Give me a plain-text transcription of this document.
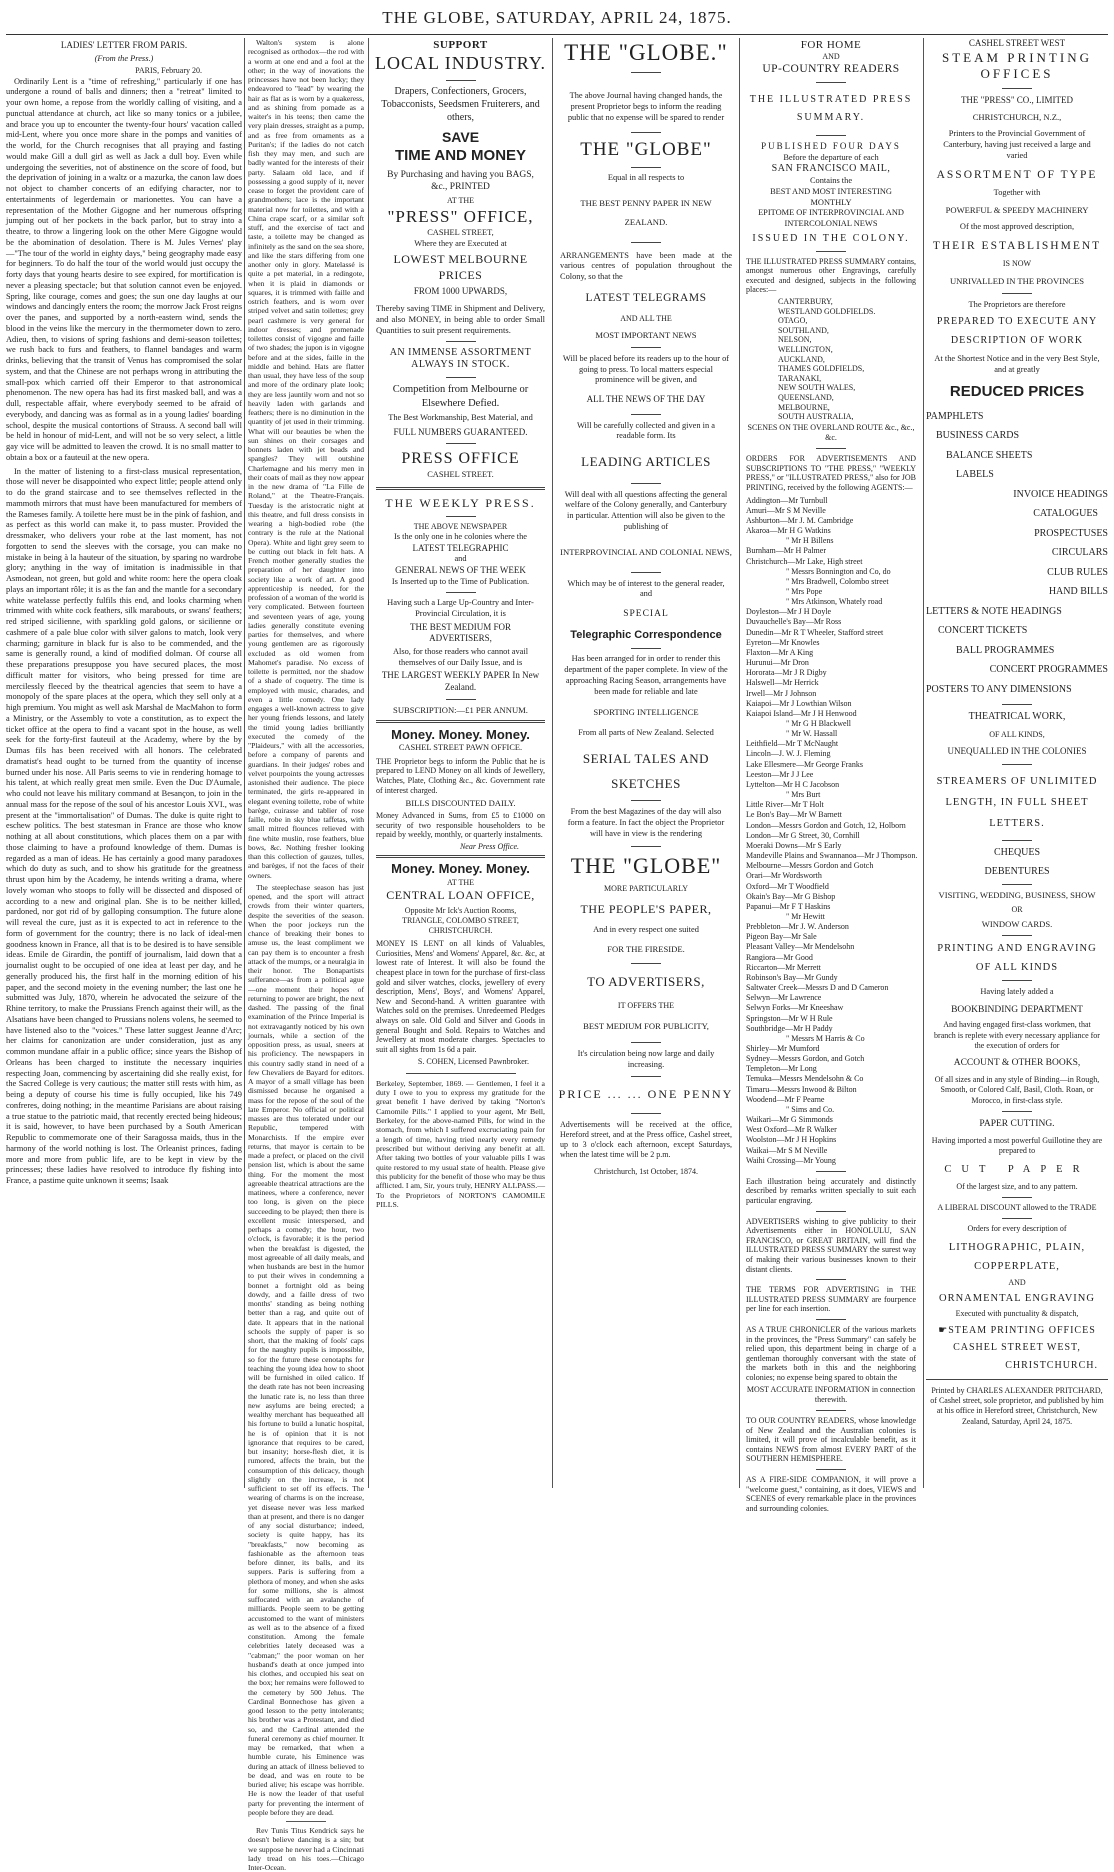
THE GLOBE, SATURDAY, APRIL 24, 1875.
LADIES' LETTER FROM PARIS.
(From the Press.)
PARIS, February 20.

Ordinarily Lent is a "time of refreshing," particularly if one has undergone a round of balls and dinners; then a "retreat" limited to your own home, a repose from the worldly calling of visiting, and a punctual attendance at church, act like so many tonics or a jubilee, and brace you up to encounter the twenty-four hours' vacation called mid-Lent, where you once more share in the pomps and vanities of the world, for the Church recognises that all praying and fasting would make Gill a dull girl as well as Jack a dull boy. Even while undergoing the severities, not of abstinence on the score of food, but the deprivation of joining in a waltz or a mazurka, the canon law does not object to chamber concerts of an edifying character, nor to entertainments of legerdemain or marionettes. You can have a representation of the Mother Gigogne and her numerous offspring jumping out of her pockets in the back parlor, but to stray into a theatre, to throw a lingering look on the other Mere Gigogne would be the abomination of desolation. There is M. Jules Vernes' play—"The tour of the world in eighty days," being geography made easy for beginners. To do half the tour of the world would just occupy the forty days that young hearts desire to see expired, for mortification is never a pleasing spectacle; but that solution cannot even be enjoyed. Spring, like courage, comes and goes; the sun one day laughs at our windows and dancingly enters the room; the morrow Jack Frost reigns over the panes, and supported by a north-eastern wind, sends the blood in the veins like the mercury in the thermometer down to zero. Adieu, then, to visions of spring fashions and demi-season toilettes; we rush back to furs and feathers, to flannel bandages and warm drinks, believing that the transit of Venus has compromised the solar system, and that the Chinese are not perhaps wrong in attributing the small-pox which carried off their Emperor to that astronomical phenomenon. The new opera has had its first masked ball, and was a dull, respectable affair, where everybody seemed to be afraid of everybody, and dancing was as formal as in a young ladies' boarding school, despite the musical contortions of Strauss. A second ball will be held in honour of mid-Lent, and will not be so very select, a little gay vice will be admitted to leaven the crowd. It is no small matter to obtain a box or a fauteuil at the new opera.

In the matter of listening to a first-class musical representation, those will never be disappointed who expect little; people attend only to do the grand staircase and to see themselves reflected in the mammoth mirrors that must have been manufactured for members of the Rameses family. A toilette here must be in the pink of fashion, and as perfect as this world can make it, to pass muster. Provided the dressmaker, who delivers your robe at the last moment, has not forgotten to send the sleeves with the corsage, you can make no mistake in being à la hauteur of the situation, by sparing no wardrobe glory; anything in the way of imitation is inadmissible in that Asmodean, not green, but gold and white room: here the opera cloak plays an important rôle; it is as the fan and the mantle for a secondary white watelasse perfectly fulfils this end, and looks charming when trimmed with white cock feathers, silk marabouts, or swans' feathers; red striped sicilienne, with sparkling gold galons, or sicilienne or cashmere of a pale blue color with silver galons to match, look very charming; garniture in black fur is also to be commended, and the same is generally round, a kind of modified dolman. Of course all these preparations presuppose you have secured places, the most difficult matter for visitors, who being pressed for time are mercilessly fleeced by the theatrical agencies that seem to have a monopoly of the spare places at the opera, which they sell only at a high premium. You might as well ask Marshal de MacMahon to form a Ministry, or the Assembly to vote a constitution, as to expect the ticket office at the opera to find a vacant spot in the house, as well seek for the forty-first fauteuil at the Academy, where by the by Dumas fils has been received with all honors. The celebrated dramatist's head ought to be turned from the quantity of incense burned under his nose. All Paris seems to vie in rendering homage to his talent, at which really great men smile. Even the Duc D'Aumale, who could not leave his military command at Besançon, to join in the annual mass for the repose of the soul of his ancestor Louis XVI., was present at the "immortalisation" of Dumas. The duke is quite right to eschew politics. The best statesman in France are those who know nothing at all about constitutions, which places them on a par with those claiming to have a profound knowledge of them. Dumas is regarded as a man of ideas. He has certainly a good many paradoxes which do duty as such, and to show his gratitude for the greatness thrust upon him by the Academy, he intends writing a drama, where lovely woman who stoops to folly will be dissected and disposed of according to a new and original plan. She is to be neither killed, pardoned, nor got rid of by galloping consumption. The future alone will reveal the cure, just as it is expected to act in reference to the form of government for the country; there is no lack of ideal-men goodness known in France, all that is to be desired is to have sensible ideas. Emile de Girardin, the pontiff of journalism, laid down that a journalist ought to be occupied of one idea at least per day, and he generally produced his, the first half in the morning edition of his paper, and the second moiety in the evening number; the last one he submitted was July, 1870, wherein he advocated the seizure of the Rhine territory, to make the Prussians French against their will, as the Alsatians have been changed to Prussians nolens volens, he seemed to have listened also to the "voices." These latter suggest Jeanne d'Arc; her claims for canonization are under consideration, just as any common mundane affair in a public office; since years the Bishop of Orleans has been charged to institute the necessary inquiries respecting Joan, commencing by ascertaining did she really exist, for the Sacred College is very cautious; the matter still rests with him, as being a deputy of course his time is fully occupied, like his 749 confreres, doing nothing; in the meantime Parisians are about raising a true statue to the patriotic maid, that recently erected being hideous; it is said, however, to have been purchased by a South American Republic to commemorate one of their Saragossa maids, thus in the harmony of the world nothing is lost. The Orleanist princes, fading more and more from public life, are to be kept in view by the princesses; these ladies have resolved to introduce fly fishing into France, a pastime quite unknown it seems; Isaak

Walton's system is alone recognised as orthodox—the rod with a worm at one end and a fool at the other; in the way of inovations the princesses have not been lucky; they endeavored to "lead" by wearing the hair as flat as is worn by a quakeress, and as shining from pomade as a waiter's in his teens; then came the very plain dresses, straight as a pump, and as free from ornaments as a Puritan's; if the ladies do not catch fish they may men, and such are badly wanted for the interests of their party. Salaam old lace, and if possessing a good supply of it, never cease to forget the provident care of grandmothers; lace is the important material now for toilettes, and with a China crape scarf, or a similar soft stuff, and the exercise of tact and taste, a toilette may be changed as infinitely as the sand on the sea shore, and like the stars differing from one another only in glory. Matelassé is quite a pet material, in a redingote, when it is plaid in diamonds or squares, it is trimmed with faille and ostrich feathers, and is worn over striped velvet and satin toilettes; grey pearl cashmere is very general for indoor dresses; and promenade toilettes consist of vigogne and faille of two shades; the jupon is in vigogne before and at the sides, faille in the middle and behind. Hats are flatter than usual, they have less of the soup and more of the ordinary plate look; they are less jauntily worn and not so heavily laden with garlands and feathers; there is no diminution in the quantity of jet used in their trimming. What will our beauties be when the sun shines on their corsages and bonnets laden with jet beads and spangles? They will outshine Charlemagne and his merry men in their coats of mail as they now appear in the new drama of "La Fille de Roland," at the Theatre-Français. Tuesday is the aristocratic night at this theatre, and full dress consists in wearing a high-bodied robe (the contrary is the rule at the National Opera). White and light grey seem to be cutting out black in felt hats. A French mother generally studies the preparation of her daughter into society like a work of art. A good apprenticeship is needed, for the profession of a woman of the world is very complicated. Between fourteen and seventeen years of age, young ladies generally constitute evening parties for themselves, and where young gentlemen are as rigorously excluded as old women from Mahomet's paradise. No excess of toilette is permitted, nor the shadow of a shade of coquetry. The time is employed with music, charades, and even a little comedy. One lady engages a well-known actress to give her young friends lessons, and lately the timid young ladies brilliantly executed the comedy of the "Plaideurs," with all the accessories, before a company of parents and guardians. In their judges' robes and velvet pourpoints the young actresses astonished their audience. The piece terminated, the girls re-appeared in elegant evening toilette, robe of white barège, cuirasse and tablier of rose faille, robe in sky blue taffetas, with small mitred flounces relieved with fine white muslin, rose feathers, blue bows, &c. Nothing fresher looking than this collection of gauzes, tulles, and barèges, if not the faces of their owners.

The steeplechase season has just opened, and the sport will attract crowds from their winter quarters, despite the severities of the season. When the poor jockeys run the chance of breaking their bones to amuse us, the least compliment we can pay them is to encounter a fresh attack of the mumps, or a neuralgia in their honor. The Bonapartists sufferance—as from a political ague—one moment their hopes of returning to power are bright, the next dashed. The passing of the final examination of the Prince Imperial is not extravagantly noticed by his own journals, while a section of the opposition press, as usual, sneers at his proficiency. The newspapers in this country sadly stand in need of a few Chevaliers de Bayard for editors. A mayor of a small village has been dismissed because he organised a mass for the repose of the soul of the late Emperor. No official or political masses are thus tolerated under our Republic, tempered with Monarchists. If the empire ever returns, that mayor is certain to be made a prefect, or placed on the civil pension list, which is about the same thing. For the moment the most agreeable theatrical attractions are the matinees, where a conference, never too long, is given on the piece succeeding to be played; then there is excellent music interspersed, and perhaps a comedy; the hour, two o'clock, is favorable; it is the period when the breakfast is digested, the most agreeable of all daily meals, and when husbands are best in the humor to put their wives in condemning a bonnet a fortnight old as being dowdy, and a faille dress of two months' standing as being nothing better than a rag, and quite out of date. It appears that in the national schools the supply of paper is so short, that the making of fools' caps for the naughty pupils is impossible, so for the future these cenotaphs for teaching the young idea how to shoot will be furnished in oiled calico. If the death rate has not been increasing the lunatic rate is, no less than three new asylums are being erected; a wealthy merchant has bequeathed all his fortune to build a lunatic hospital, he is of opinion that it is not ignorance that requires to be cared, but insanity; horse-flesh diet, it is rumored, affects the brain, but the consumption of this delicacy, though slightly on the increase, is not sufficient to set off its effects. The wearing of charms is on the increase, yet disease never was less marked than at present, and there is no danger of any social disturbance; indeed, society is quite happy, has its "breakfasts," now becoming as fashionable as the afternoon teas before dinner, its balls, and its suppers. Paris is suffering from a plethora of money, and when she asks for some millions, she is almost suffocated with an avalanche of milliards. People seem to be getting accustomed to the want of ministers as well as to the absence of a fixed constitution. Among the female celebrities lately deceased was a "cabman;" the poor woman on her husband's death at once jumped into his clothes, and occupied his seat on the box; her remains were followed to the cemetery by 500 Jehus. The Cardinal Bonnechose has given a good lesson to the petty intolerants; his brother was a Protestant, and died so, and the Cardinal attended the funeral ceremony as chief mourner. It may be remarked, that when a humble curate, his Eminence was during an attack of illness believed to be dead, and was en route to be buried alive; his escape was horrible. He is now the leader of that useful party for preventing the interment of people before they are dead.

Rev Tunis Titus Kendrick says he doesn't believe dancing is a sin; but we suppose he never had a Cincinnati lady tread on his toes.—Chicago Inter-Ocean.

SUPPORT
LOCAL INDUSTRY.
Drapers, Confectioners, Grocers, Tobacconists, Seedsmen Fruiterers, and others,
SAVE
TIME AND MONEY
By Purchasing and having you BAGS, &c., PRINTED
AT THE
"PRESS" OFFICE,
CASHEL STREET,
Where they are Executed at
LOWEST MELBOURNE PRICES
FROM 1000 UPWARDS,
Thereby saving TIME in Shipment and Delivery, and also MONEY, in being able to order Small Quantities to suit present requirements.
AN IMMENSE ASSORTMENT
ALWAYS IN STOCK.
Competition from Melbourne or Elsewhere Defied.
The Best Workmanship, Best Material, and
FULL NUMBERS GUARANTEED.
PRESS OFFICE
CASHEL STREET.
THE WEEKLY PRESS.
THE ABOVE NEWSPAPER
Is the only one in he colonies where the
LATEST TELEGRAPHIC
and
GENERAL NEWS OF THE WEEK
Is Inserted up to the Time of Publication.
Having such a Large Up-Country and Inter-Provincial Circulation, it is
THE BEST MEDIUM FOR ADVERTISERS,
Also, for those readers who cannot avail themselves of our Daily Issue, and is
THE LARGEST WEEKLY PAPER In New Zealand.
SUBSCRIPTION:—£1 PER ANNUM.
Money. Money. Money.
CASHEL STREET PAWN OFFICE.
THE Proprietor begs to inform the Public that he is prepared to LEND Money on all kinds of Jewellery, Watches, Plate, Clothing &c., &c. Government rate of interest charged.
BILLS DISCOUNTED DAILY.
Money Advanced in Sums, from £5 to £1000 on security of two responsible householders to be repaid by weekly, monthly, or quarterly instalments.
Near Press Office.
Money. Money. Money.
AT THE
CENTRAL LOAN OFFICE,
Opposite Mr Ick's Auction Rooms, TRIANGLE, COLOMBO STREET, CHRISTCHURCH.
MONEY IS LENT on all kinds of Valuables, Curiosities, Mens' and Womens' Apparel, &c. &c, at lowest rate of Interest. It will also be found the cheapest place in town for the purchase of first-class gold and silver watches, clocks, jewellery of every description, Mens', Boys', and Womens' Apparel, New and Second-hand. A written guarantee with Watches sold on the premises. Unredeemed Pledges always on sale. Old Gold and Silver and Goods in general Bought and Sold. Repairs to Watches and Jewellery at most moderate charges. Spectacles to suit all sights from 1s 6d a pair.
S. COHEN, Licensed Pawnbroker.
Berkeley, September, 1869. — Gentlemen, I feel it a duty I owe to you to express my gratitude for the great benefit I have derived by taking "Norton's Camomile Pills." I applied to your agent, Mr Bell, Berkeley, for the above-named Pills, for wind in the stomach, from which I suffered excruciating pain for a length of time, having tried nearly every remedy prescribed but without deriving any benefit at all. After taking two bottles of your valuable pills I was quite restored to my usual state of health. Please give this publicity for the benefit of those who may be thus afflicted. I am, Sir, yours truly, HENRY ALLPASS.—To the Proprietors of NORTON'S CAMOMILE PILLS.
THE "GLOBE."
The above Journal having changed hands, the present Proprietor begs to inform the reading public that no expense will be spared to render
THE "GLOBE"
Equal in all respects to
THE BEST PENNY PAPER IN NEW ZEALAND.
ARRANGEMENTS have been made at the various centres of population throughout the Colony, so that the
LATEST TELEGRAMS
AND ALL THE
MOST IMPORTANT NEWS
Will be placed before its readers up to the hour of going to press. To local matters especial prominence will be given, and
ALL THE NEWS OF THE DAY
Will be carefully collected and given in a readable form. Its
LEADING ARTICLES
Will deal with all questions affecting the general welfare of the Colony generally, and Canterbury in particular. Attention will also be given to the publishing of
INTERPROVINCIAL AND COLONIAL NEWS,
Which may be of interest to the general reader, and
SPECIAL
Telegraphic Correspondence
Has been arranged for in order to render this department of the paper complete. In view of the approaching Racing Season, arrangements have been made for reliable and late
SPORTING INTELLIGENCE
From all parts of New Zealand. Selected
SERIAL TALES AND
SKETCHES
From the best Magazines of the day will also form a feature. In fact the object the Proprietor will have in view is the rendering
THE "GLOBE"
MORE PARTICULARLY
THE PEOPLE'S PAPER,
And in every respect one suited
FOR THE FIRESIDE.
TO ADVERTISERS,
IT OFFERS THE
BEST MEDIUM FOR PUBLICITY,
It's circulation being now large and daily increasing.
PRICE ... ... ONE PENNY
Advertisements will be received at the office, Hereford street, and at the Press office, Cashel street, up to 3 o'clock each afternoon, except Saturdays, when the latest time will be 2 p.m.
Christchurch, 1st October, 1874.
FOR HOME
AND
UP-COUNTRY READERS
THE ILLUSTRATED PRESS SUMMARY.
PUBLISHED FOUR DAYS
Before the departure of each
SAN FRANCISCO MAIL,
Contains the
BEST AND MOST INTERESTING
MONTHLY
EPITOME OF INTERPROVINCIAL AND INTERCOLONIAL NEWS
ISSUED IN THE COLONY.
THE ILLUSTRATED PRESS SUMMARY contains, amongst numerous other Engravings, carefully executed and designed, subjects in the following places:—
CANTERBURY,
WESTLAND GOLDFIELDS.
OTAGO,
SOUTHLAND,
NELSON,
WELLINGTON,
AUCKLAND,
THAMES GOLDFIELDS,
TARANAKI,
NEW SOUTH WALES,
QUEENSLAND,
MELBOURNE,
SOUTH AUSTRALIA,
SCENES ON THE OVERLAND ROUTE &c., &c., &c.
ORDERS FOR ADVERTISEMENTS AND SUBSCRIPTIONS TO "THE PRESS," "WEEKLY PRESS," or "ILLUSTRATED PRESS," also for JOB PRINTING, received by the following AGENTS:—
Addington—Mr Turnbull
Amuri—Mr S M Neville
Ashburton—Mr J. M. Cambridge
Akaroa—Mr H G Watkins
" Mr H Billens
Burnham—Mr H Palmer
Christchurch—Mr Lake, High street
" Messrs Bonnington and Co, do
" Mrs Bradwell, Colombo street
" Mrs Pope
" Mrs Atkinson, Whately road
Doyleston—Mr J H Doyle
Duvauchelle's Bay—Mr Ross
Dunedin—Mr R T Wheeler, Stafford street
Eyreton—Mr Knowles
Flaxton—Mr A King
Hurunui—Mr Dron
Hororata—Mr J R Digby
Halswell—Mr Herrick
Irwell—Mr J Johnson
Kaiapoi—Mr J Lowthian Wilson
Kaiapoi Island—Mr J H Henwood
" Mr G H Blackwell
" Mr W. Hassall
Leithfield—Mr T McNaught
Lincoln—J. W. J. Fleming
Lake Ellesmere—Mr George Franks
Leeston—Mr J J Lee
Lyttelton—Mr H C Jacobson
" Mrs Burt
Little River—Mr T Holt
Le Bon's Bay—Mr W Barnett
London—Messrs Gordon and Gotch, 12, Holborn
London—Mr G Street, 30, Cornhill
Moeraki Downs—Mr S Early
Mandeville Plains and Swannanoa—Mr J Thompson.
Melbourne—Messrs Gordon and Gotch
Orari—Mr Wordsworth
Oxford—Mr T Woodfield
Okain's Bay—Mr G Bishop
Papanui—Mr F T Haskins
" Mr Hewitt
Prebbleton—Mr J. W. Anderson
Pigeon Bay—Mr Sale
Pleasant Valley—Mr Mendelsohn
Rangiora—Mr Good
Riccarton—Mr Merrett
Robinson's Bay—Mr Gundy
Saltwater Creek—Messrs D and D Cameron
Selwyn—Mr Lawrence
Selwyn Forks—Mr Kneeshaw
Springston—Mr W H Rule
Southbridge—Mr H Paddy
" Messrs M Harris & Co
Shirley—Mr Mumford
Sydney—Messrs Gordon, and Gotch
Templeton—Mr Long
Temuka—Messrs Mendelsohn & Co
Timaru—Messrs Inwood & Bilton
Woodend—Mr F Pearne
" Sims and Co.
Waikari—Mr G Simmonds
West Oxford—Mr R Walker
Woolston—Mr J H Hopkins
Waikai—Mr S M Neville
Waihi Crossing—Mr Young
Each illustration being accurately and distinctly described by remarks written specially to suit each particular engraving.
ADVERTISERS wishing to give publicity to their Advertisements either in HONOLULU, SAN FRANCISCO, or GREAT BRITAIN, will find the ILLUSTRATED PRESS SUMMARY the surest way of making their various businesses known to their distant clients.
THE TERMS FOR ADVERTISING in THE ILLUSTRATED PRESS SUMMARY are fourpence per line for each insertion.
AS A TRUE CHRONICLER of the various markets in the provinces, the "Press Summary" can safely be relied upon, this department being in charge of a gentleman thoroughly conversant with the state of the markets both in this and the neighboring colonies; no expense being spared to obtain the
MOST ACCURATE INFORMATION in connection therewith.
TO OUR COUNTRY READERS, whose knowledge of New Zealand and the Australian colonies is limited, it will prove of incalculable benefit, as it contains NEWS from almost EVERY PART of the SOUTHERN HEMISPHERE.
AS A FIRE-SIDE COMPANION, it will prove a "welcome guest," containing, as it does, VIEWS and SCENES of every remarkable place in the provinces and surrounding colonies.
CASHEL STREET WEST
STEAM PRINTING OFFICES
THE "PRESS" CO., LIMITED
CHRISTCHURCH, N.Z.,
Printers to the Provincial Government of Canterbury, having just received a large and varied
ASSORTMENT OF TYPE
Together with
POWERFUL & SPEEDY MACHINERY
Of the most approved description,
THEIR ESTABLISHMENT
IS NOW
UNRIVALLED IN THE PROVINCES
The Proprietors are therefore
PREPARED TO EXECUTE ANY
DESCRIPTION OF WORK
At the Shortest Notice and in the very Best Style, and at greatly
REDUCED PRICES
PAMPHLETS
BUSINESS CARDS
BALANCE SHEETS
LABELS
INVOICE HEADINGS
CATALOGUES
PROSPECTUSES
CIRCULARS
CLUB RULES
HAND BILLS
LETTERS & NOTE HEADINGS
CONCERT TICKETS
BALL PROGRAMMES
CONCERT PROGRAMMES
POSTERS TO ANY DIMENSIONS
THEATRICAL WORK,
OF ALL KINDS,
UNEQUALLED IN THE COLONIES
STREAMERS OF UNLIMITED LENGTH, IN FULL SHEET LETTERS.
CHEQUES
DEBENTURES
VISITING, WEDDING, BUSINESS, SHOW
OR
WINDOW CARDS.
PRINTING AND ENGRAVING
OF ALL KINDS
Having lately added a
BOOKBINDING DEPARTMENT
And having engaged first-class workmen, that branch is replete with every necessary appliance for the execution of orders for
ACCOUNT & OTHER BOOKS,
Of all sizes and in any style of Binding—in Rough, Smooth, or Colored Calf, Basil, Cloth. Roan, or Morocco, in first-class style.
PAPER CUTTING.
Having imported a most powerful Guillotine they are prepared to
CUT PAPER
Of the largest size, and to any pattern.
A LIBERAL DISCOUNT allowed to the TRADE
Orders for every description of
LITHOGRAPHIC, PLAIN,
COPPERPLATE,
AND
ORNAMENTAL ENGRAVING
Executed with punctuality & dispatch,
☛STEAM PRINTING OFFICES
CASHEL STREET WEST,
CHRISTCHURCH.
Printed by CHARLES ALEXANDER PRITCHARD, of Cashel street, sole proprietor, and published by him at his office in Hereford street, Christchurch, New Zealand, Saturday, April 24, 1875.
